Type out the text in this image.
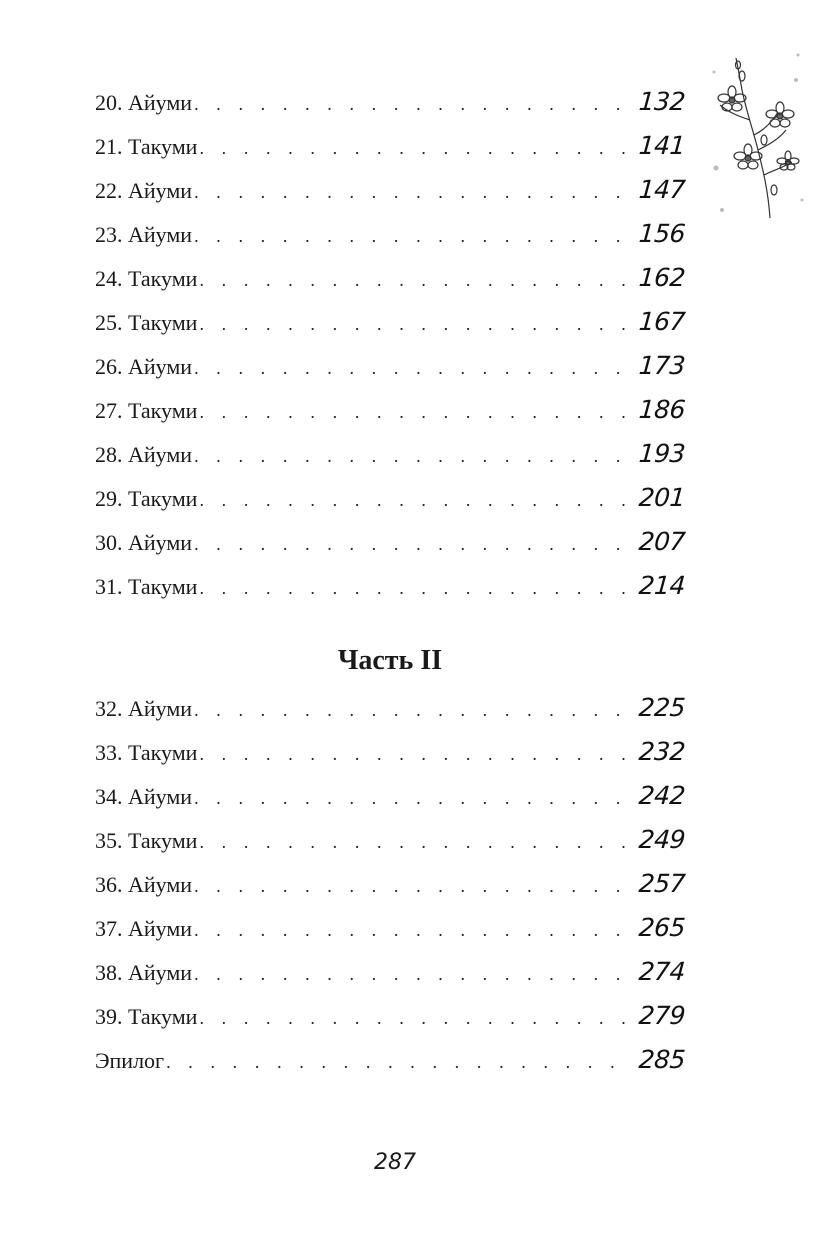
20. Айуми . . .	132
21. Такуми . . .	141
22. Айуми . . .	147
23. Айуми . . .	156
24. Такуми . . .	162
25. Такуми . . .	167
26. Айуми . . .	173
27. Такуми . . .	186
28. Айуми . . .	193
29. Такуми . . .	201
30. Айуми . . .	207
31. Такуми . . .	214
Часть II
32. Айуми . . .	225
33. Такуми . . .	232
34. Айуми . . .	242
35. Такуми . . .	249
36. Айуми . . .	257
37. Айуми . . .	265
38. Айуми . . .	274
39. Такуми . . .	279
Эпилог . . .	285
287
